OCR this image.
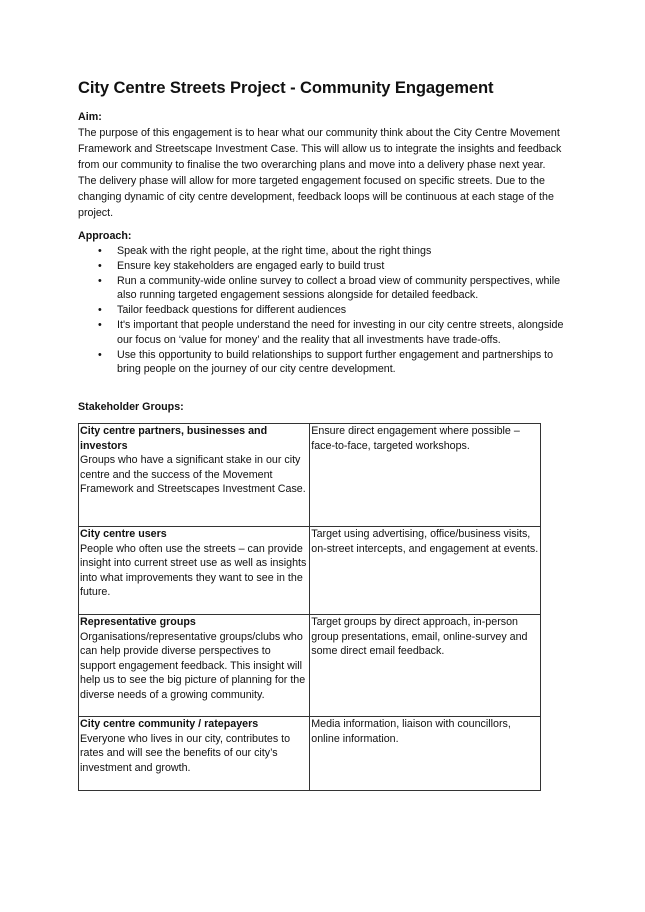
City Centre Streets Project - Community Engagement
Aim:
The purpose of this engagement is to hear what our community think about the City Centre Movement Framework and Streetscape Investment Case. This will allow us to integrate the insights and feedback from our community to finalise the two overarching plans and move into a delivery phase next year. The delivery phase will allow for more targeted engagement focused on specific streets. Due to the changing dynamic of city centre development, feedback loops will be continuous at each stage of the project.
Approach:
• Speak with the right people, at the right time, about the right things
• Ensure key stakeholders are engaged early to build trust
• Run a community-wide online survey to collect a broad view of community perspectives, while also running targeted engagement sessions alongside for detailed feedback.
• Tailor feedback questions for different audiences
• It's important that people understand the need for investing in our city centre streets, alongside our focus on ‘value for money’ and the reality that all investments have trade-offs.
• Use this opportunity to build relationships to support further engagement and partnerships to bring people on the journey of our city centre development.
Stakeholder Groups:
City centre partners, businesses and investors
Groups who have a significant stake in our city centre and the success of the Movement Framework and Streetscapes Investment Case.	Ensure direct engagement where possible – face-to-face, targeted workshops.

City centre users
People who often use the streets – can provide insight into current street use as well as insights into what improvements they want to see in the future.	Target using advertising, office/business visits, on-street intercepts, and engagement at events.

Representative groups
Organisations/representative groups/clubs who can help provide diverse perspectives to support engagement feedback. This insight will help us to see the big picture of planning for the diverse needs of a growing community.	Target groups by direct approach, in-person group presentations, email, online-survey and some direct email feedback.

City centre community / ratepayers
Everyone who lives in our city, contributes to rates and will see the benefits of our city’s investment and growth.	Media information, liaison with councillors, online information.
